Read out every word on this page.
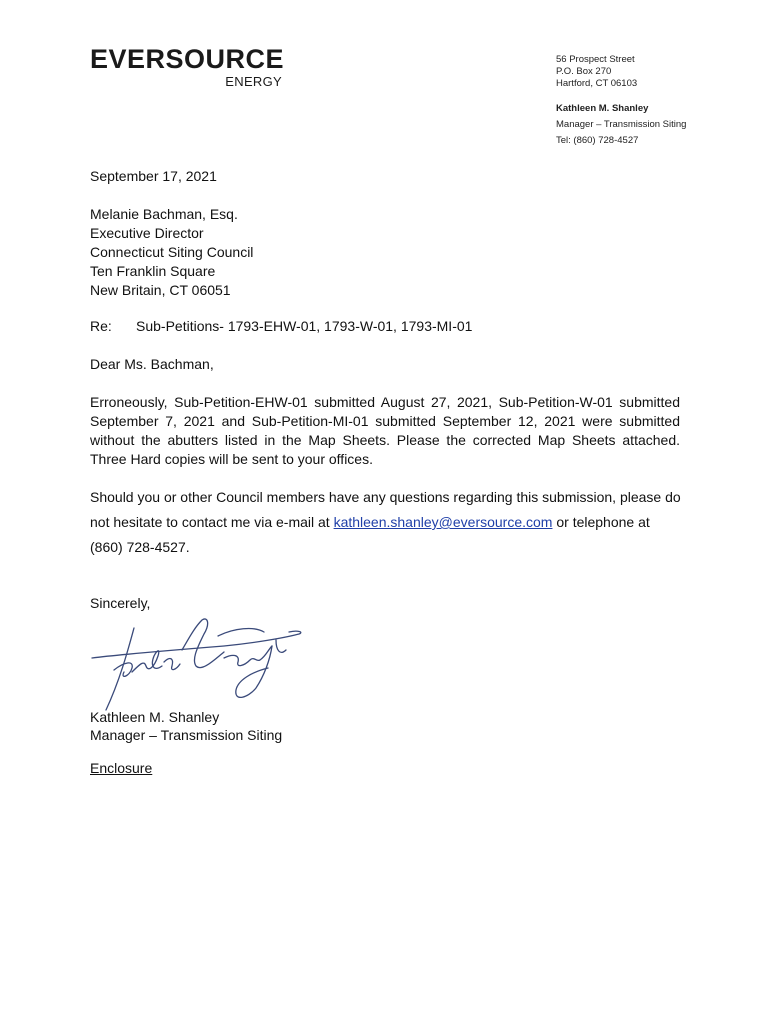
EVERSOURCE
ENERGY
56 Prospect Street
P.O. Box 270
Hartford, CT 06103
Kathleen M. Shanley
Manager – Transmission Siting
Tel: (860) 728-4527
September 17, 2021
Melanie Bachman, Esq.
Executive Director
Connecticut Siting Council
Ten Franklin Square
New Britain, CT 06051
Re: Sub-Petitions- 1793-EHW-01, 1793-W-01, 1793-MI-01
Dear Ms. Bachman,
Erroneously, Sub-Petition-EHW-01 submitted August 27, 2021, Sub-Petition-W-01 submitted September 7, 2021 and Sub-Petition-MI-01 submitted September 12, 2021 were submitted without the abutters listed in the Map Sheets. Please the corrected Map Sheets attached. Three Hard copies will be sent to your offices.
Should you or other Council members have any questions regarding this submission, please do not hesitate to contact me via e-mail at kathleen.shanley@eversource.com or telephone at (860) 728-4527.
Sincerely,
Kathleen M. Shanley
Manager – Transmission Siting
Enclosure
